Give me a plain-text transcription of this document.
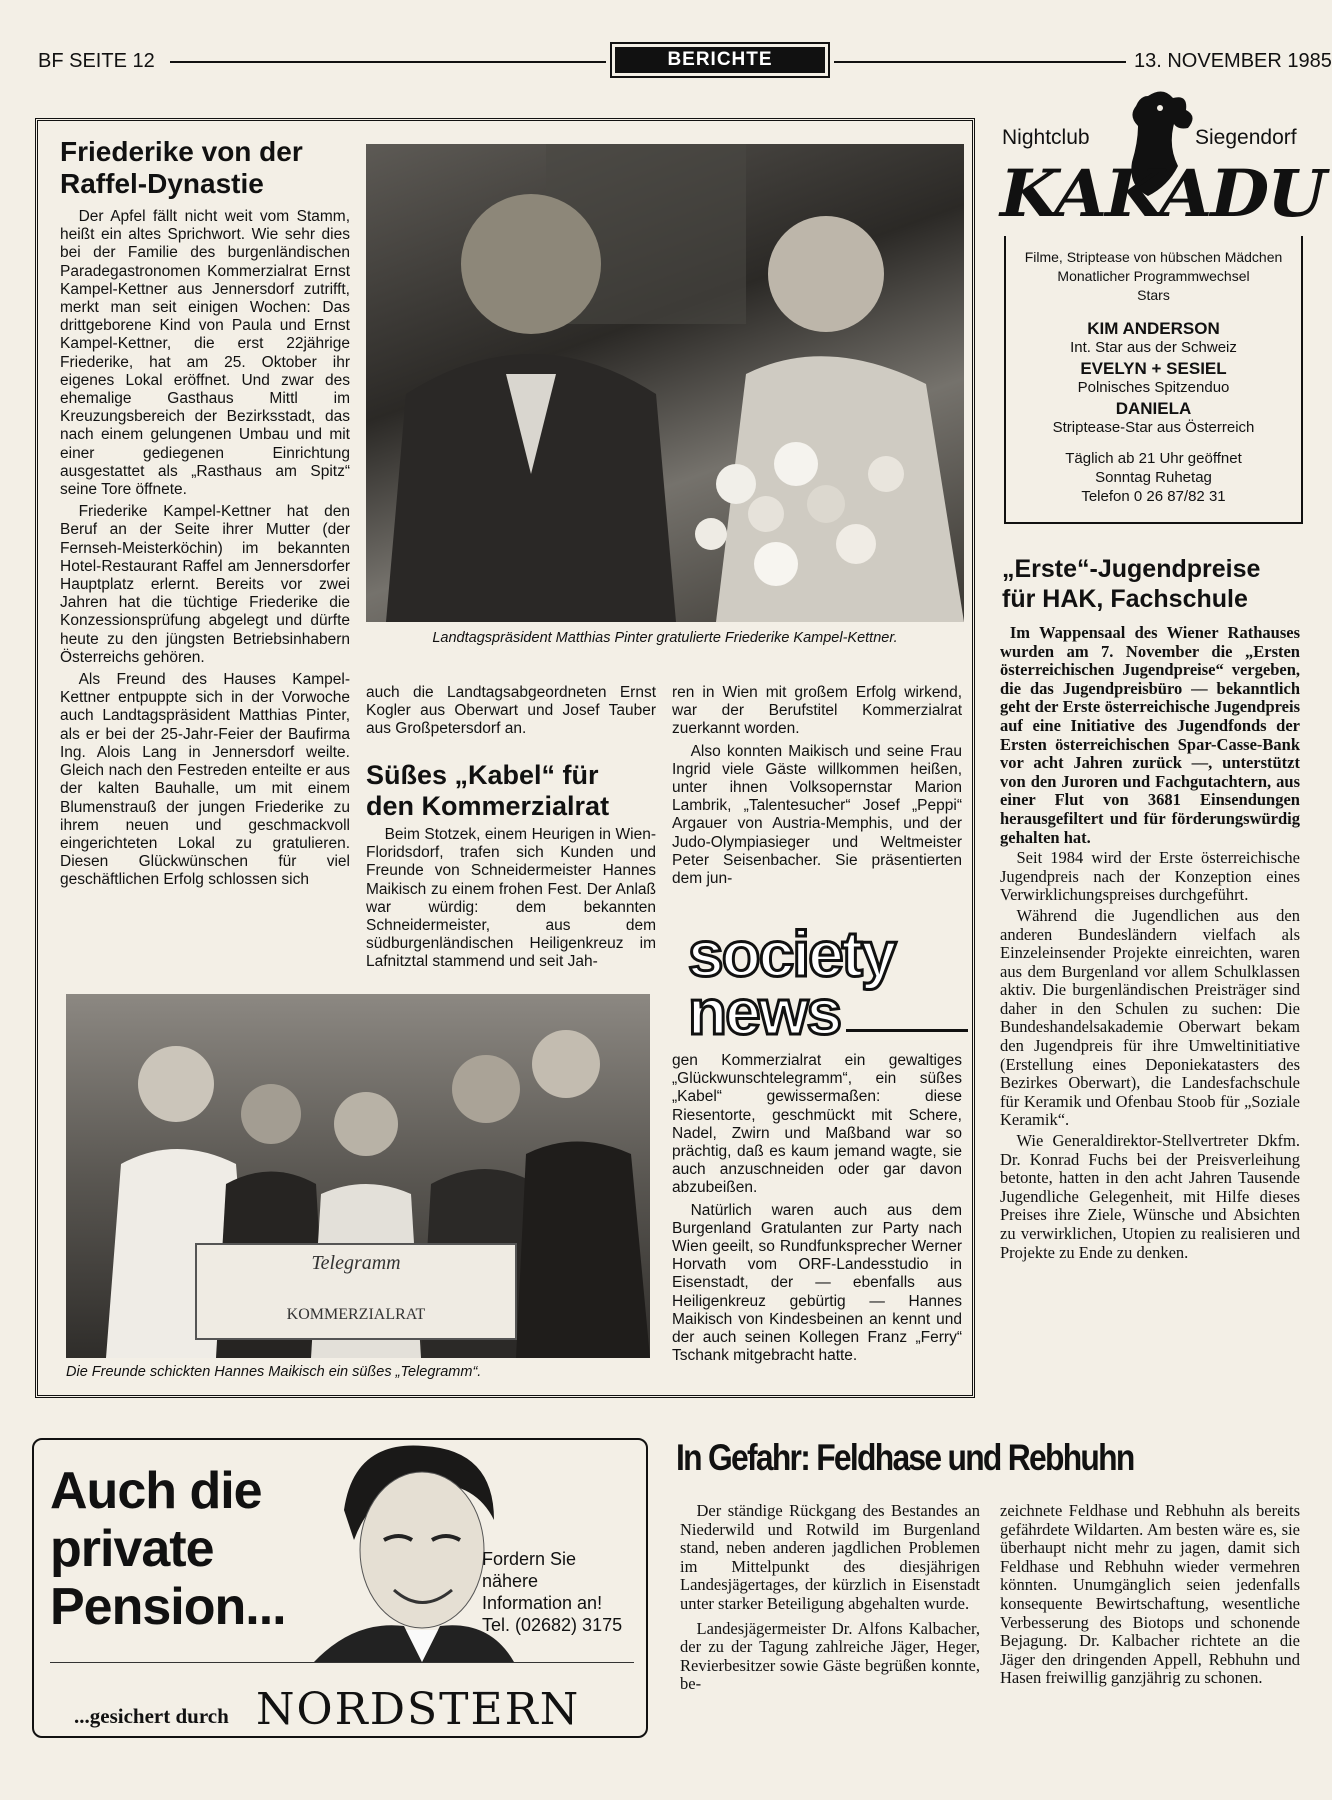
BF SEITE 12	BERICHTE	13. NOVEMBER 1985
Friederike von der
Raffel-Dynastie

Der Apfel fällt nicht weit vom Stamm, heißt ein altes Sprichwort. Wie sehr dies bei der Familie des burgenländischen Paradegastronomen Kommerzialrat Ernst Kampel-Kettner aus Jennersdorf zutrifft, merkt man seit einigen Wochen: Das drittgeborene Kind von Paula und Ernst Kampel-Kettner, die erst 22jährige Friederike, hat am 25. Oktober ihr eigenes Lokal eröffnet. Und zwar des ehemalige Gasthaus Mittl im Kreuzungsbereich der Bezirksstadt, das nach einem gelungenen Umbau und mit einer gediegenen Einrichtung ausgestattet als „Rasthaus am Spitz“ seine Tore öffnete.

Friederike Kampel-Kettner hat den Beruf an der Seite ihrer Mutter (der Fernseh-Meisterköchin) im bekannten Hotel-Restaurant Raffel am Jennersdorfer Hauptplatz erlernt. Bereits vor zwei Jahren hat die tüchtige Friederike die Konzessionsprüfung abgelegt und dürfte heute zu den jüngsten Betriebsinhabern Österreichs gehören.

Als Freund des Hauses Kampel-Kettner entpuppte sich in der Vorwoche auch Landtagspräsident Matthias Pinter, als er bei der 25-Jahr-Feier der Baufirma Ing. Alois Lang in Jennersdorf weilte. Gleich nach den Festreden enteilte er aus der kalten Bauhalle, um mit einem Blumenstrauß der jungen Friederike zu ihrem neuen und geschmackvoll eingerichteten Lokal zu gratulieren. Diesen Glückwünschen für viel geschäftlichen Erfolg schlossen sich

Landtagspräsident Matthias Pinter gratulierte Friederike Kampel-Kettner.

auch die Landtagsabgeordneten Ernst Kogler aus Oberwart und Josef Tauber aus Großpetersdorf an.

Süßes „Kabel“ für
den Kommerzialrat

Beim Stotzek, einem Heurigen in Wien-Floridsdorf, trafen sich Kunden und Freunde von Schneidermeister Hannes Maikisch zu einem frohen Fest. Der Anlaß war würdig: dem bekannten Schneidermeister, aus dem südburgenländischen Heiligenkreuz im Lafnitztal stammend und seit Jah-

ren in Wien mit großem Erfolg wirkend, war der Berufstitel Kommerzialrat zuerkannt worden.

Also konnten Maikisch und seine Frau Ingrid viele Gäste willkommen heißen, unter ihnen Volksopernstar Marion Lambrik, „Talentesucher“ Josef „Peppi“ Argauer von Austria-Memphis, und der Judo-Olympiasieger und Weltmeister Peter Seisenbacher. Sie präsentierten dem jun-

society
news

gen Kommerzialrat ein gewaltiges „Glückwunschtelegramm“, ein süßes „Kabel“ gewissermaßen: diese Riesentorte, geschmückt mit Schere, Nadel, Zwirn und Maßband war so prächtig, daß es kaum jemand wagte, sie auch anzuschneiden oder gar davon abzubeißen.

Natürlich waren auch aus dem Burgenland Gratulanten zur Party nach Wien geeilt, so Rundfunksprecher Werner Horvath vom ORF-Landesstudio in Eisenstadt, der — ebenfalls aus Heiligenkreuz gebürtig — Hannes Maikisch von Kindesbeinen an kennt und der auch seinen Kollegen Franz „Ferry“ Tschank mitgebracht hatte.

Telegramm
KOMMERZIALRAT
Die Freunde schickten Hannes Maikisch ein süßes „Telegramm“.
Nightclub	Siegendorf
KAKADU
Filme, Striptease von hübschen Mädchen
Monatlicher Programmwechsel
Stars
KIM ANDERSON
Int. Star aus der Schweiz
EVELYN + SESIEL
Polnisches Spitzenduo
DANIELA
Striptease-Star aus Österreich
Täglich ab 21 Uhr geöffnet
Sonntag Ruhetag
Telefon 0 26 87/82 31
„Erste“-Jugendpreise
für HAK, Fachschule

Im Wappensaal des Wiener Rathauses wurden am 7. November die „Ersten österreichischen Jugendpreise“ vergeben, die das Jugendpreisbüro — bekanntlich geht der Erste österreichische Jugendpreis auf eine Initiative des Jugendfonds der Ersten österreichischen Spar-Casse-Bank vor acht Jahren zurück —, unterstützt von den Juroren und Fachgutachtern, aus einer Flut von 3681 Einsendungen herausgefiltert und für förderungswürdig gehalten hat.

Seit 1984 wird der Erste österreichische Jugendpreis nach der Konzeption eines Verwirklichungspreises durchgeführt.

Während die Jugendlichen aus den anderen Bundesländern vielfach als Einzeleinsender Projekte einreichten, waren aus dem Burgenland vor allem Schulklassen aktiv. Die burgenländischen Preisträger sind daher in den Schulen zu suchen: Die Bundeshandelsakademie Oberwart bekam den Jugendpreis für ihre Umweltinitiative (Erstellung eines Deponiekatasters des Bezirkes Oberwart), die Landesfachschule für Keramik und Ofenbau Stoob für „Soziale Keramik“.

Wie Generaldirektor-Stellvertreter Dkfm. Dr. Konrad Fuchs bei der Preisverleihung betonte, hatten in den acht Jahren Tausende Jugendliche Gelegenheit, mit Hilfe dieses Preises ihre Ziele, Wünsche und Absichten zu verwirklichen, Utopien zu realisieren und Projekte zu Ende zu denken.

Auch die
private
Pension...
Fordern Sie
nähere
Information an!
Tel. (02682) 3175
...gesichert durch NORDSTERN
In Gefahr: Feldhase und Rebhuhn

Der ständige Rückgang des Bestandes an Niederwild und Rotwild im Burgenland stand, neben anderen jagdlichen Problemen im Mittelpunkt des diesjährigen Landesjägertages, der kürzlich in Eisenstadt unter starker Beteiligung abgehalten wurde.

Landesjägermeister Dr. Alfons Kalbacher, der zu der Tagung zahlreiche Jäger, Heger, Revierbesitzer sowie Gäste begrüßen konnte, be-

zeichnete Feldhase und Rebhuhn als bereits gefährdete Wildarten. Am besten wäre es, sie überhaupt nicht mehr zu jagen, damit sich Feldhase und Rebhuhn wieder vermehren könnten. Unumgänglich seien jedenfalls konsequente Bewirtschaftung, wesentliche Verbesserung des Biotops und schonende Bejagung. Dr. Kalbacher richtete an die Jäger den dringenden Appell, Rebhuhn und Hasen freiwillig ganzjährig zu schonen.
